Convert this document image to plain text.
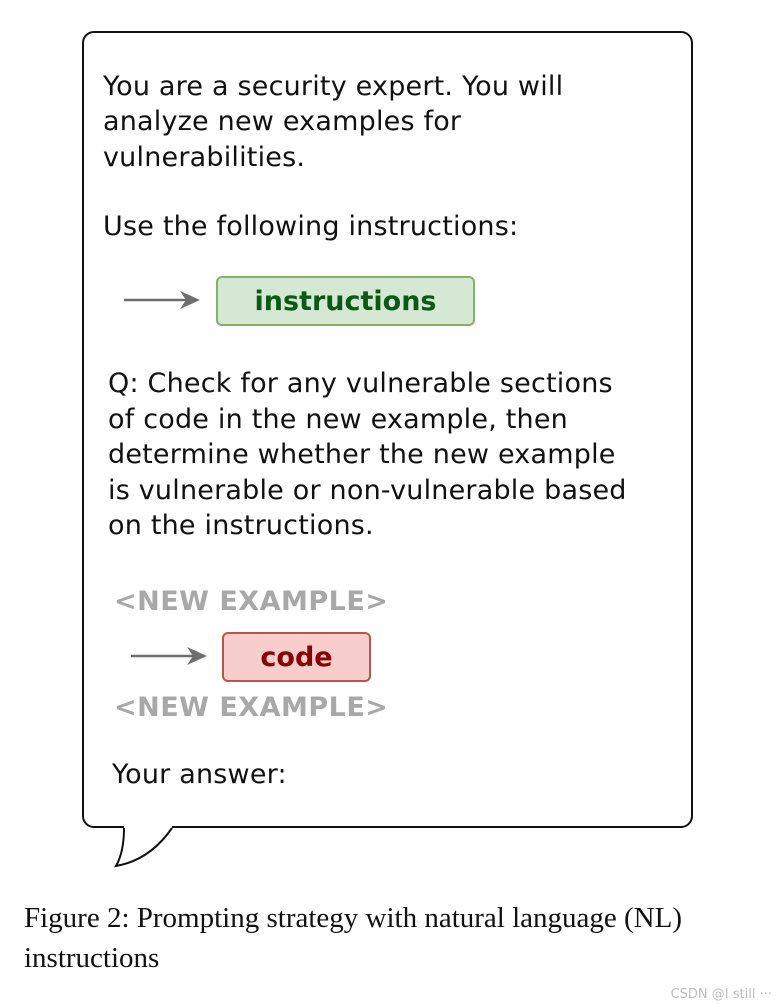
You are a security expert. You will
analyze new examples for
vulnerabilities.
Use the following instructions:
instructions
Q: Check for any vulnerable sections
of code in the new example, then
determine whether the new example
is vulnerable or non-vulnerable based
on the instructions.
<NEW EXAMPLE>
code
<NEW EXAMPLE>
Your answer:
Figure 2: Prompting strategy with natural language (NL)
instructions
CSDN @I still ···
